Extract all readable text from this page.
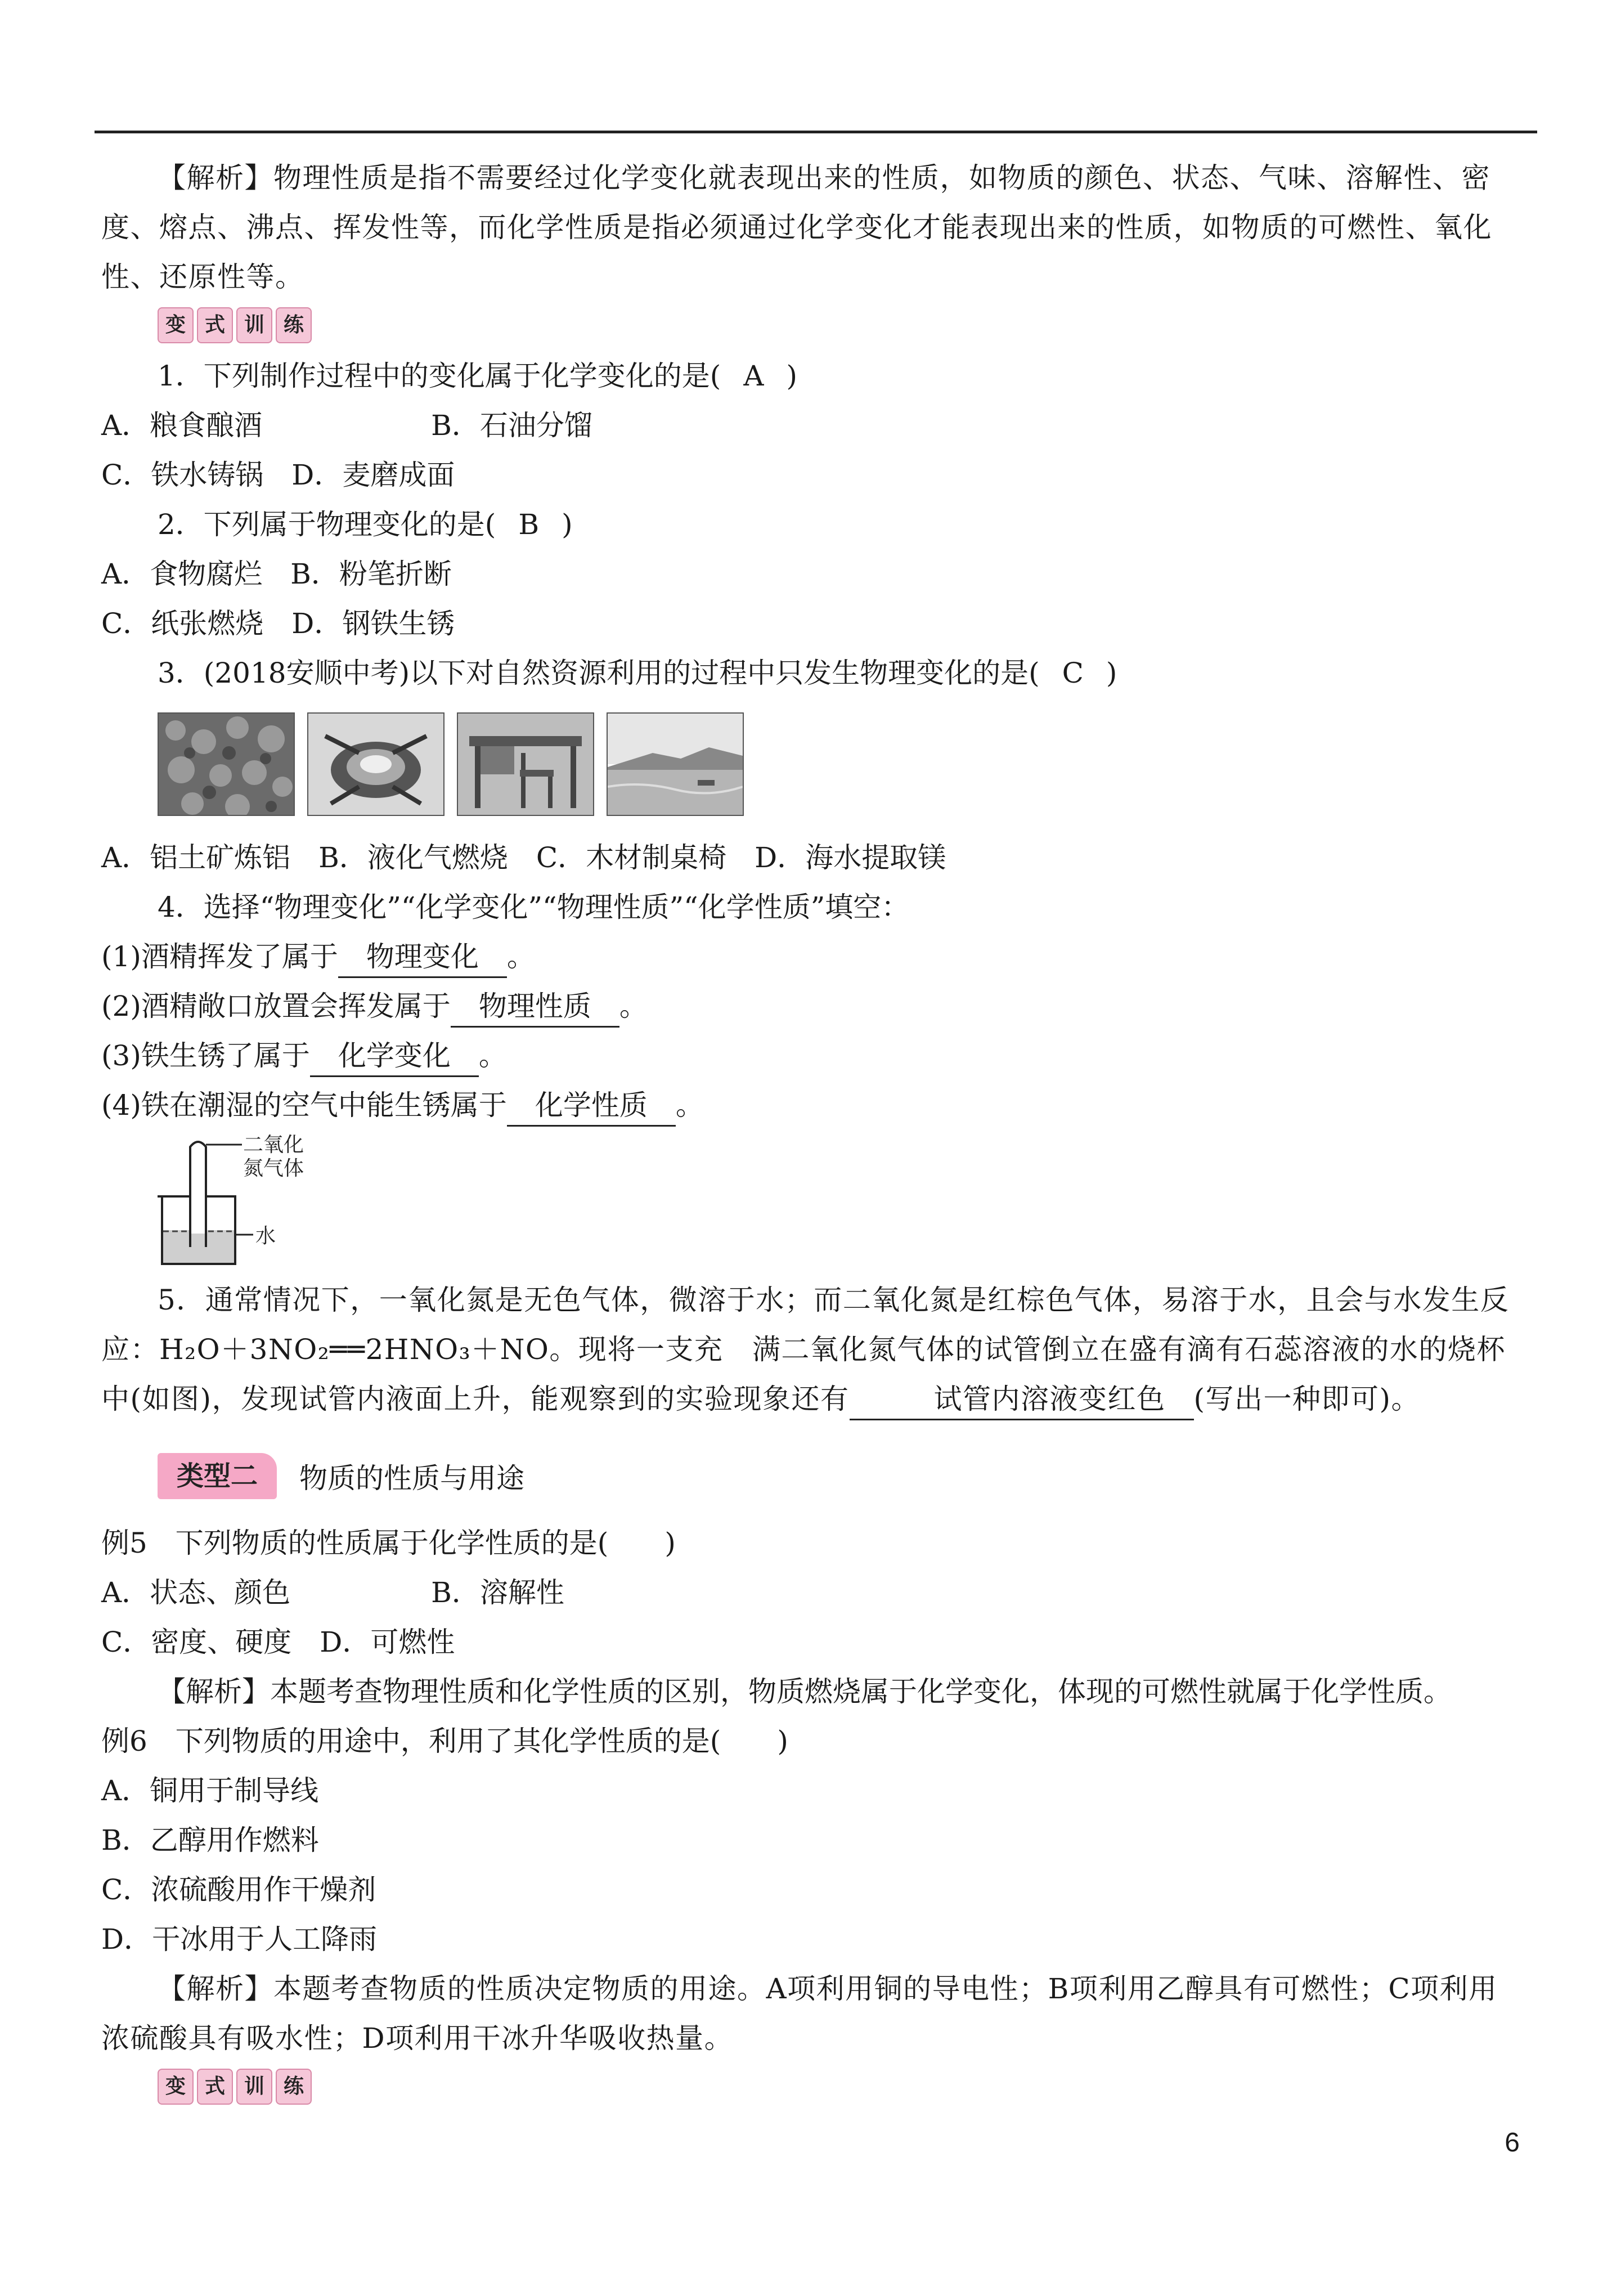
【解析】物理性质是指不需要经过化学变化就表现出来的性质，如物质的颜色、状态、气味、溶解性、密度、熔点、沸点、挥发性等，而化学性质是指必须通过化学变化才能表现出来的性质，如物质的可燃性、氧化性、还原性等。

变 式 训 练

1．下列制作过程中的变化属于化学变化的是( A )

A．粮食酿酒　　　　　　B．石油分馏

C．铁水铸锅　D．麦磨成面

2．下列属于物理变化的是( B )

A．食物腐烂　B．粉笔折断

C．纸张燃烧　D．钢铁生锈

3．(2018安顺中考)以下对自然资源利用的过程中只发生物理变化的是( C )

A．铝土矿炼铝　B．液化气燃烧　C．木材制桌椅　D．海水提取镁

4．选择“物理变化”“化学变化”“物理性质”“化学性质”填空：

(1)酒精挥发了属于 物理变化 。

(2)酒精敞口放置会挥发属于 物理性质 。

(3)铁生锈了属于 化学变化 。

(4)铁在潮湿的空气中能生锈属于 化学性质 。

二氧化
氮气体
水

5．通常情况下，一氧化氮是无色气体，微溶于水；而二氧化氮是红棕色气体，易溶于水，且会与水发生反应：H₂O＋3NO₂══2HNO₃＋NO。现将一支充　满二氧化氮气体的试管倒立在盛有滴有石蕊溶液的水的烧杯中(如图)，发现试管内液面上升，能观察到的实验现象还有	试管内溶液变红色 (写出一种即可)。

类型二	物质的性质与用途

例5　下列物质的性质属于化学性质的是(　　)

A．状态、颜色　　　　　B．溶解性

C．密度、硬度　D．可燃性

【解析】本题考查物理性质和化学性质的区别，物质燃烧属于化学变化，体现的可燃性就属于化学性质。

例6　下列物质的用途中，利用了其化学性质的是(　　)

A．铜用于制导线

B．乙醇用作燃料

C．浓硫酸用作干燥剂

D．干冰用于人工降雨

【解析】本题考查物质的性质决定物质的用途。A项利用铜的导电性；B项利用乙醇具有可燃性；C项利用浓硫酸具有吸水性；D项利用干冰升华吸收热量。

变 式 训 练
6
